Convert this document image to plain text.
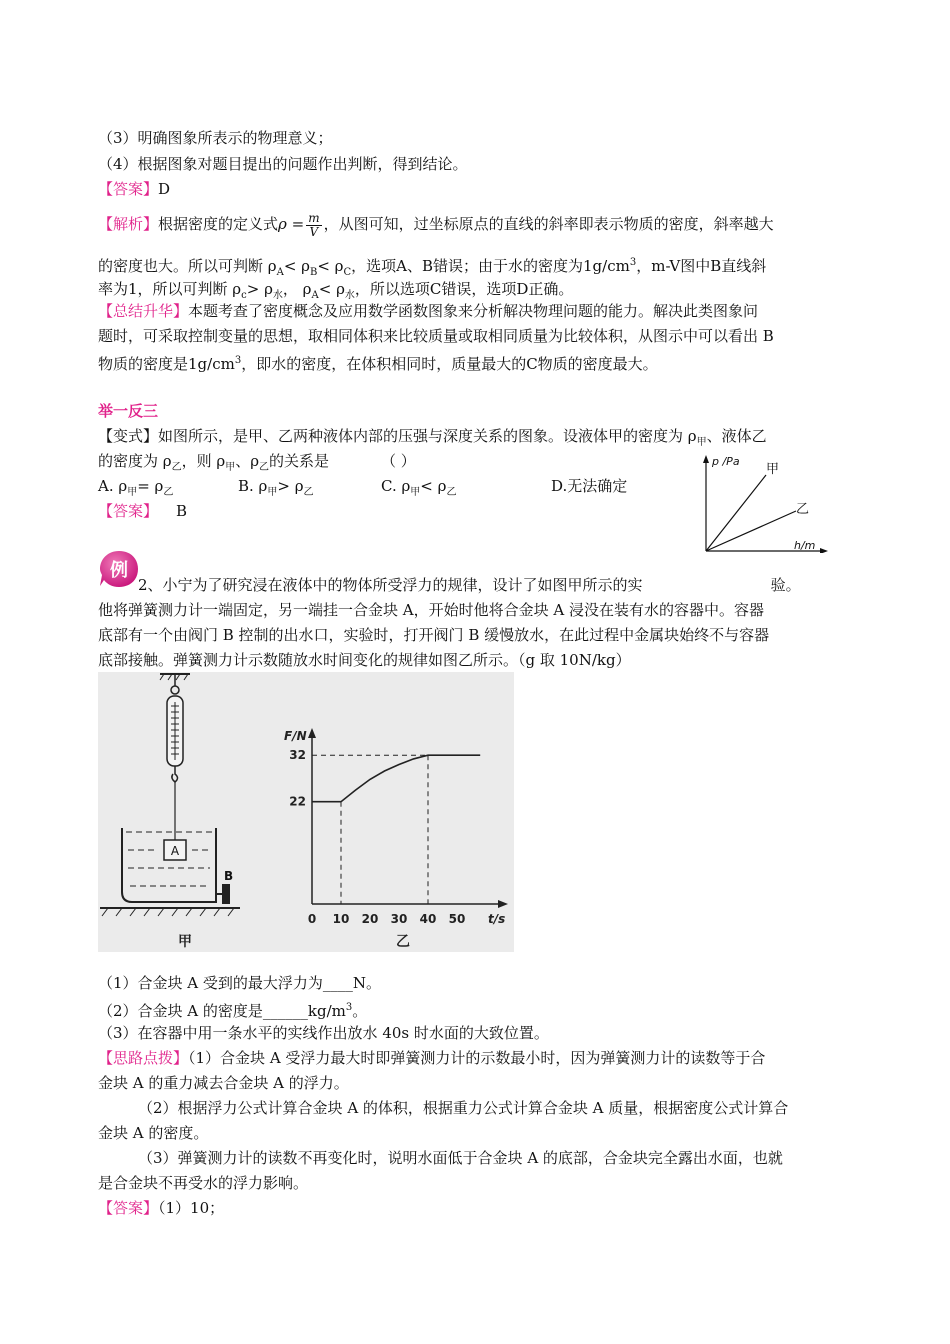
（3）明确图象所表示的物理意义；
（4）根据图象对题目提出的问题作出判断，得到结论。
【答案】D
【解析】根据密度的定义式$\rho = \frac{m}{V}$ ，从图可知，过坐标原点的直线的斜率即表示物质的密度，斜率越大
的密度也大。所以可判断 $\rho_A< \rho_B< \rho_C$，选项A、B错误；由于水的密度为$1g/cm^3$，m-V图中B直线斜
率为1，所以可判断 $\rho_c> \rho_水$， $\rho_A< \rho_水$，所以选项C错误，选项D正确。
【总结升华】本题考查了密度概念及应用数学函数图象来分析解决物理问题的能力。解决此类图象问
题时，可采取控制变量的思想，取相同体积来比较质量或取相同质量为比较体积，从图示中可以看出 B
物质的密度是$1g/cm^3$，即水的密度，在体积相同时，质量最大的C物质的密度最大。
举一反三
【变式】如图所示，是甲、乙两种液体内部的压强与深度关系的图象。设液体甲的密度为 $\rho_甲$、液体乙
的密度为 $\rho_乙$，则 $\rho_甲$、$\rho_乙$的关系是	（ ）
A. $\rho_甲= \rho_乙$	B. $\rho_甲> \rho_乙$	C. $\rho_甲< \rho_乙$	D.无法确定
【答案】 B
2、小宁为了研究浸在液体中的物体所受浮力的规律，设计了如图甲所示的实	验。
他将弹簧测力计一端固定，另一端挂一合金块 A，开始时他将合金块 A 浸没在装有水的容器中。容器
底部有一个由阀门 B 控制的出水口，实验时，打开阀门 B 缓慢放水，在此过程中金属块始终不与容器
底部接触。弹簧测力计示数随放水时间变化的规律如图乙所示。（g 取 10N/kg）
（1）合金块 A 受到的最大浮力为____N。
（2）合金块 A 的密度是$\_\_\_\_\_\_kg/m^3$。
（3）在容器中用一条水平的实线作出放水 40s 时水面的大致位置。
【思路点拨】（1）合金块 A 受浮力最大时即弹簧测力计的示数最小时，因为弹簧测力计的读数等于合
金块 A 的重力减去合金块 A 的浮力。
（2）根据浮力公式计算合金块 A 的体积，根据重力公式计算合金块 A 质量，根据密度公式计算合
金块 A 的密度。
（3）弹簧测力计的读数不再变化时，说明水面低于合金块 A 的底部，合金块完全露出水面，也就
是合金块不再受水的浮力影响。
【答案】（1）10；
例
p /Pa
甲
乙
h/m
A
B
甲
F/N
t/s
0 10 20 30 40 50
22
32
乙
